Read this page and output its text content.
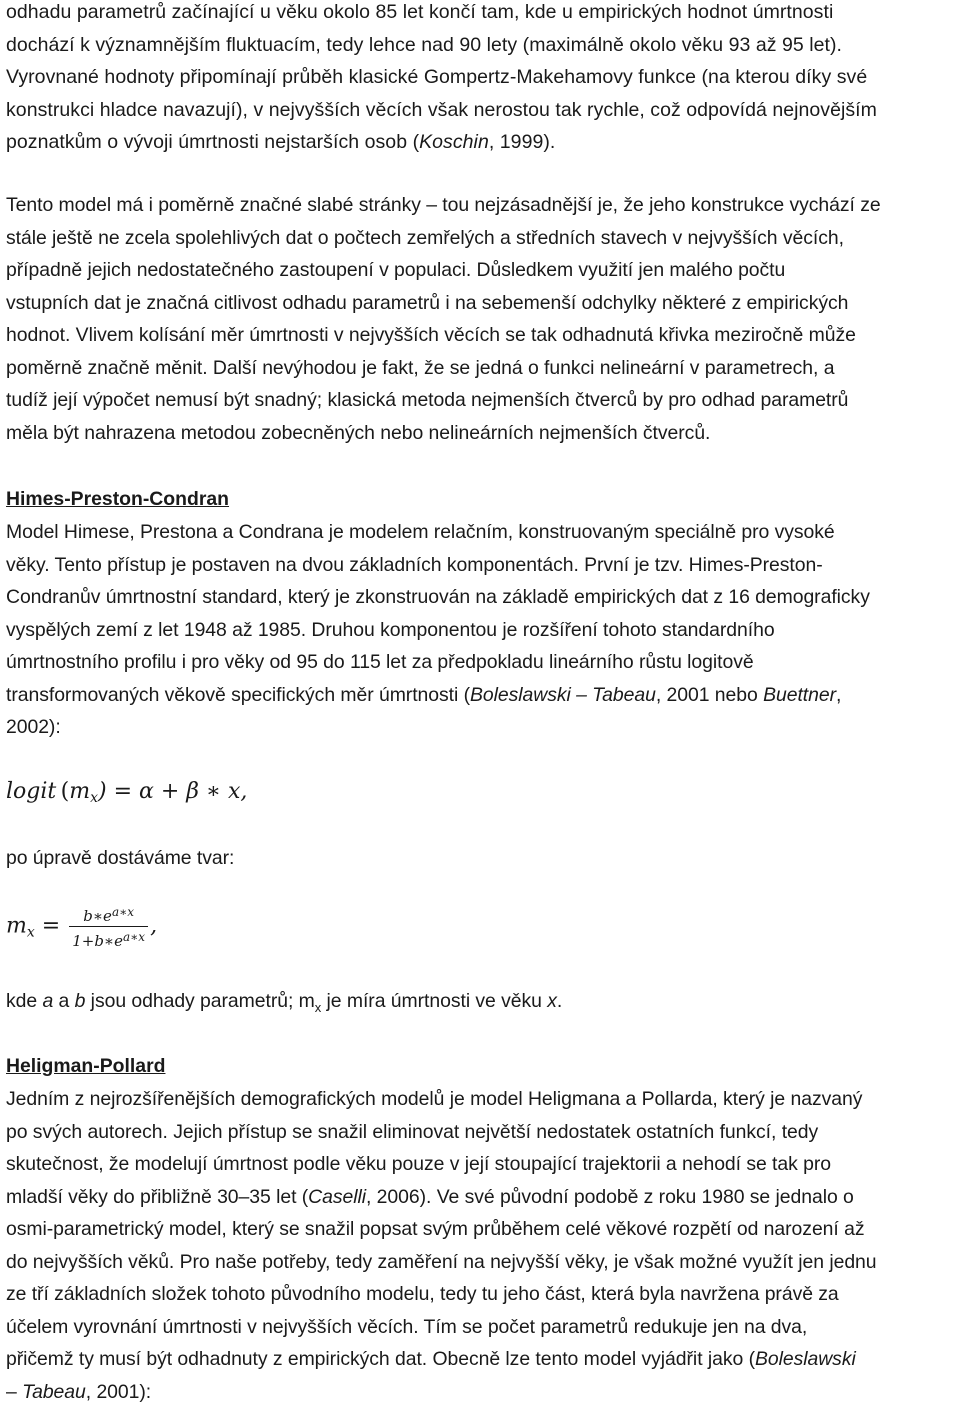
odhadu parametrů začínající u věku okolo 85 let končí tam, kde u empirických hodnot úmrtnosti
dochází k významnějším fluktuacím, tedy lehce nad 90 lety (maximálně okolo věku 93 až 95 let).
Vyrovnané hodnoty připomínají průběh klasické Gompertz-Makehamovy funkce (na kterou díky své
konstrukci hladce navazují), v nejvyšších věcích však nerostou tak rychle, což odpovídá nejnovějším
poznatkům o vývoji úmrtnosti nejstarších osob (Koschin, 1999).

Tento model má i poměrně značné slabé stránky – tou nejzásadnější je, že jeho konstrukce vychází ze
stále ještě ne zcela spolehlivých dat o počtech zemřelých a středních stavech v nejvyšších věcích,
případně jejich nedostatečného zastoupení v populaci. Důsledkem využití jen malého počtu
vstupních dat je značná citlivost odhadu parametrů i na sebemenší odchylky některé z empirických
hodnot. Vlivem kolísání měr úmrtnosti v nejvyšších věcích se tak odhadnutá křivka meziročně může
poměrně značně měnit. Další nevýhodou je fakt, že se jedná o funkci nelineární v parametrech, a
tudíž její výpočet nemusí být snadný; klasická metoda nejmenších čtverců by pro odhad parametrů
měla být nahrazena metodou zobecněných nebo nelineárních nejmenších čtverců.

Himes-Preston-Condran

Model Himese, Prestona a Condrana je modelem relačním, konstruovaným speciálně pro vysoké
věky. Tento přístup je postaven na dvou základních komponentách. První je tzv. Himes-Preston-
Condranův úmrtnostní standard, který je zkonstruován na základě empirických dat z 16 demograficky
vyspělých zemí z let 1948 až 1985. Druhou komponentou je rozšíření tohoto standardního
úmrtnostního profilu i pro věky od 95 do 115 let za předpokladu lineárního růstu logitově
transformovaných věkově specifických měr úmrtnosti (Boleslawski – Tabeau, 2001 nebo Buettner,
2002):

logit  $(m_x) = \alpha + \beta$ ∗ x,

po úpravě dostáváme tvar:

$m_x = \frac{b∗e^{a∗x}}{1+b∗e^{a∗x}}$ ,

kde a a b jsou odhady parametrů; $m_x$ je míra úmrtnosti ve věku x.

Heligman-Pollard

Jedním z nejrozšířenějších demografických modelů je model Heligmana a Pollarda, který je nazvaný
po svých autorech. Jejich přístup se snažil eliminovat největší nedostatek ostatních funkcí, tedy
skutečnost, že modelují úmrtnost podle věku pouze v její stoupající trajektorii a nehodí se tak pro
mladší věky do přibližně 30–35 let (Caselli, 2006). Ve své původní podobě z roku 1980 se jednalo o
osmi-parametrický model, který se snažil popsat svým průběhem celé věkové rozpětí od narození až
do nejvyšších věků. Pro naše potřeby, tedy zaměření na nejvyšší věky, je však možné využít jen jednu
ze tří základních složek tohoto původního modelu, tedy tu jeho část, která byla navržena právě za
účelem vyrovnání úmrtnosti v nejvyšších věcích. Tím se počet parametrů redukuje jen na dva,
přičemž ty musí být odhadnuty z empirických dat. Obecně lze tento model vyjádřit jako (Boleslawski
– Tabeau, 2001):
